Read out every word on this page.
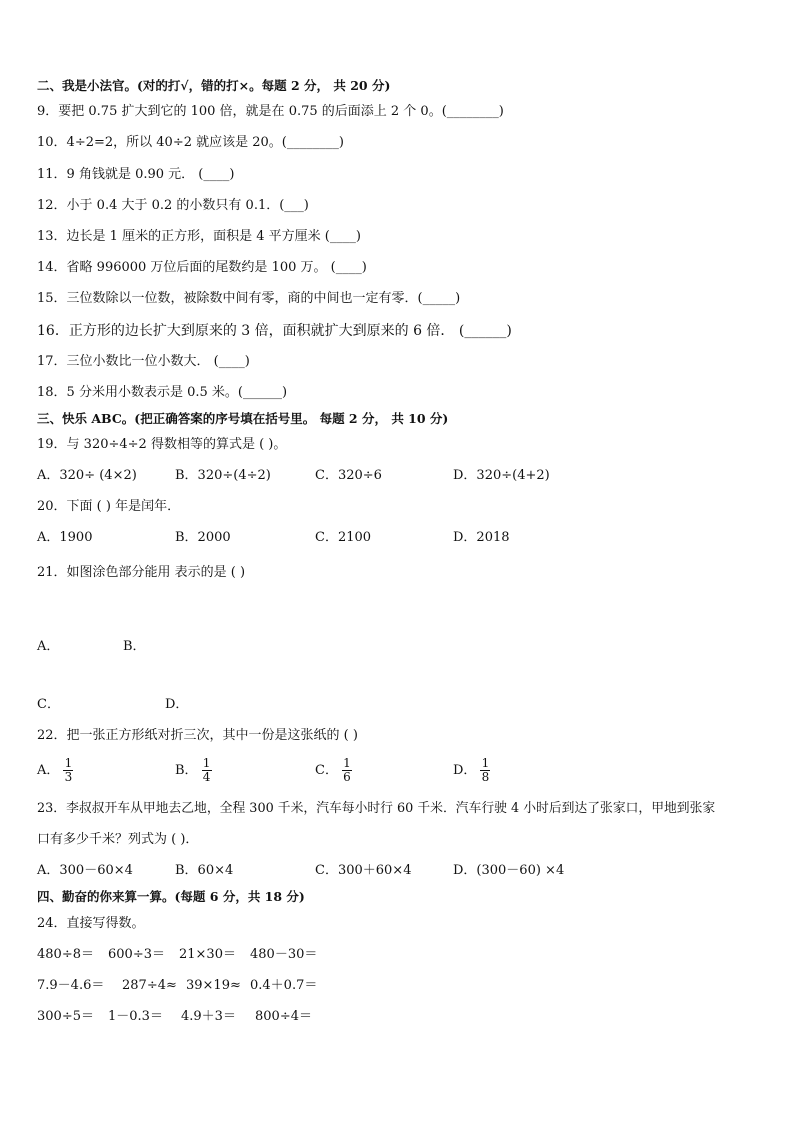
二、我是小法官。(对的打√，错的打×。每题 2 分， 共 20 分)
9．要把 0.75 扩大到它的 100 倍，就是在 0.75 的后面添上 2 个 0。(________)
10．4÷2=2，所以 40÷2 就应该是 20。(________)
11．9 角钱就是 0.90 元． (____)
12．小于 0.4 大于 0.2 的小数只有 0.1．(___)
13．边长是 1 厘米的正方形，面积是 4 平方厘米 (____)
14．省略 996000 万位后面的尾数约是 100 万。 (____)
15．三位数除以一位数，被除数中间有零，商的中间也一定有零．(_____)
16．正方形的边长扩大到原来的 3 倍，面积就扩大到原来的 6 倍． (______)
17．三位小数比一位小数大． (____)
18．5 分米用小数表示是 0.5 米。(______)
三、快乐 ABC。(把正确答案的序号填在括号里。 每题 2 分， 共 10 分)
19．与 320÷4÷2 得数相等的算式是 ( )。
A．320÷ (4×2)	B．320÷(4÷2)	C．320÷6	D．320÷(4+2)
20．下面 ( ) 年是闰年．
A．1900	B．2000	C．2100	D．2018
21．如图涂色部分能用 表示的是 ( )
A．	B．
C．	D．
22．把一张正方形纸对折三次，其中一份是这张纸的 ( )
A． $\frac{1}{3}$	B． $\frac{1}{4}$	C． $\frac{1}{6}$	D． $\frac{1}{8}$
23．李叔叔开车从甲地去乙地，全程 300 千米，汽车每小时行 60 千米．汽车行驶 4 小时后到达了张家口，甲地到张家
口有多少千米？列式为 ( )．
A．300－60×4	B．60×4	C．300＋60×4	D．(300－60) ×4
四、勤奋的你来算一算。(每题 6 分，共 18 分)
24．直接写得数。
480÷8＝ 600÷3＝ 21×30＝ 480－30＝
7.9－4.6＝ 287÷4≈ 39×19≈ 0.4＋0.7＝
300÷5＝ 1－0.3＝ 4.9＋3＝ 800÷4＝
